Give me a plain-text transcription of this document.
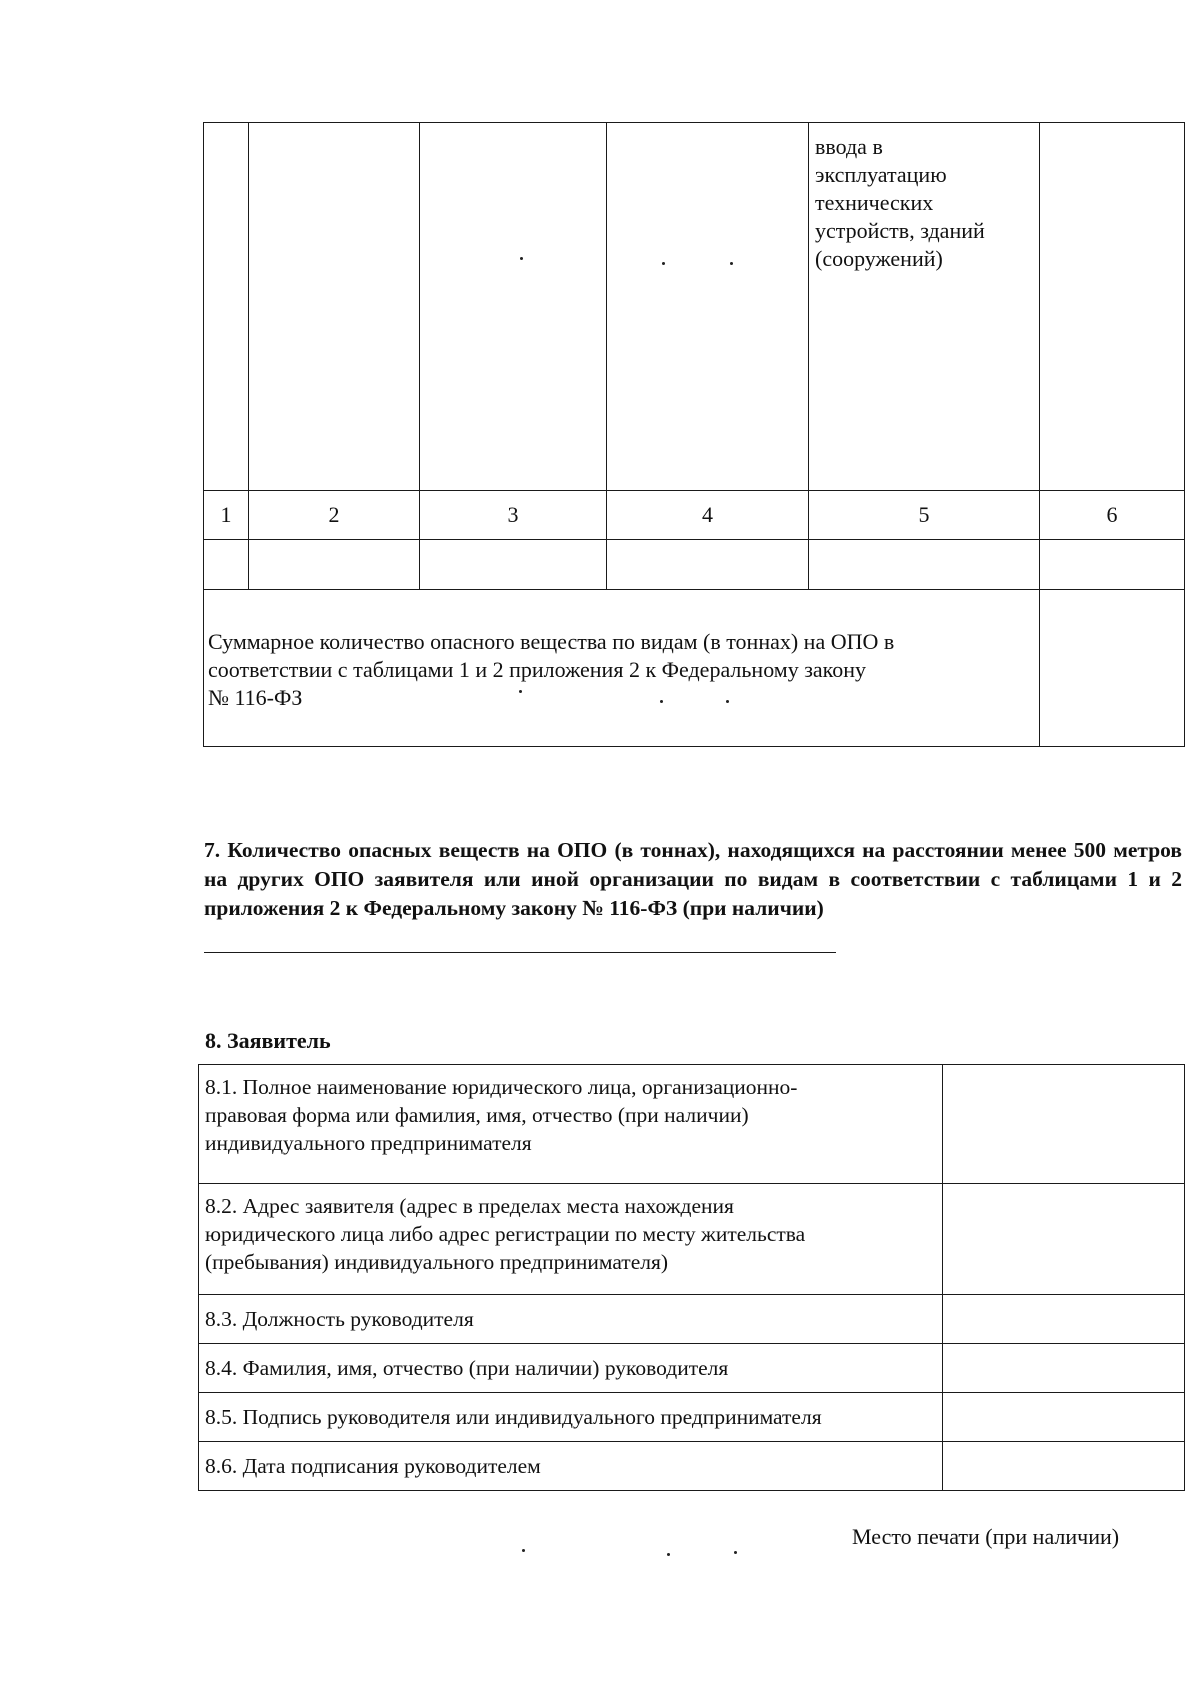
				ввода в
эксплуатацию
технических
устройств, зданий
(сооружений)	

1	2	3	4	5	6

Суммарное количество опасного вещества по видам (в тоннах) на ОПО в
соответствии с таблицами 1 и 2 приложения 2 к Федеральному закону
№ 116-ФЗ					

7. Количество опасных веществ на ОПО (в тоннах), находящихся на расстоянии менее 500 метров на других ОПО заявителя или иной организации по видам в соответствии с таблицами 1 и 2 приложения 2 к Федеральному закону № 116-ФЗ (при наличии)
8. Заявитель
8.1. Полное наименование юридического лица, организационно-
правовая форма или фамилия, имя, отчество (при наличии)
индивидуального предпринимателя	

8.2. Адрес заявителя (адрес в пределах места нахождения
юридического лица либо адрес регистрации по месту жительства
(пребывания) индивидуального предпринимателя)	

8.3. Должность руководителя	
8.4. Фамилия, имя, отчество (при наличии) руководителя	
8.5. Подпись руководителя или индивидуального предпринимателя	
8.6. Дата подписания руководителем	
Место печати (при наличии)
